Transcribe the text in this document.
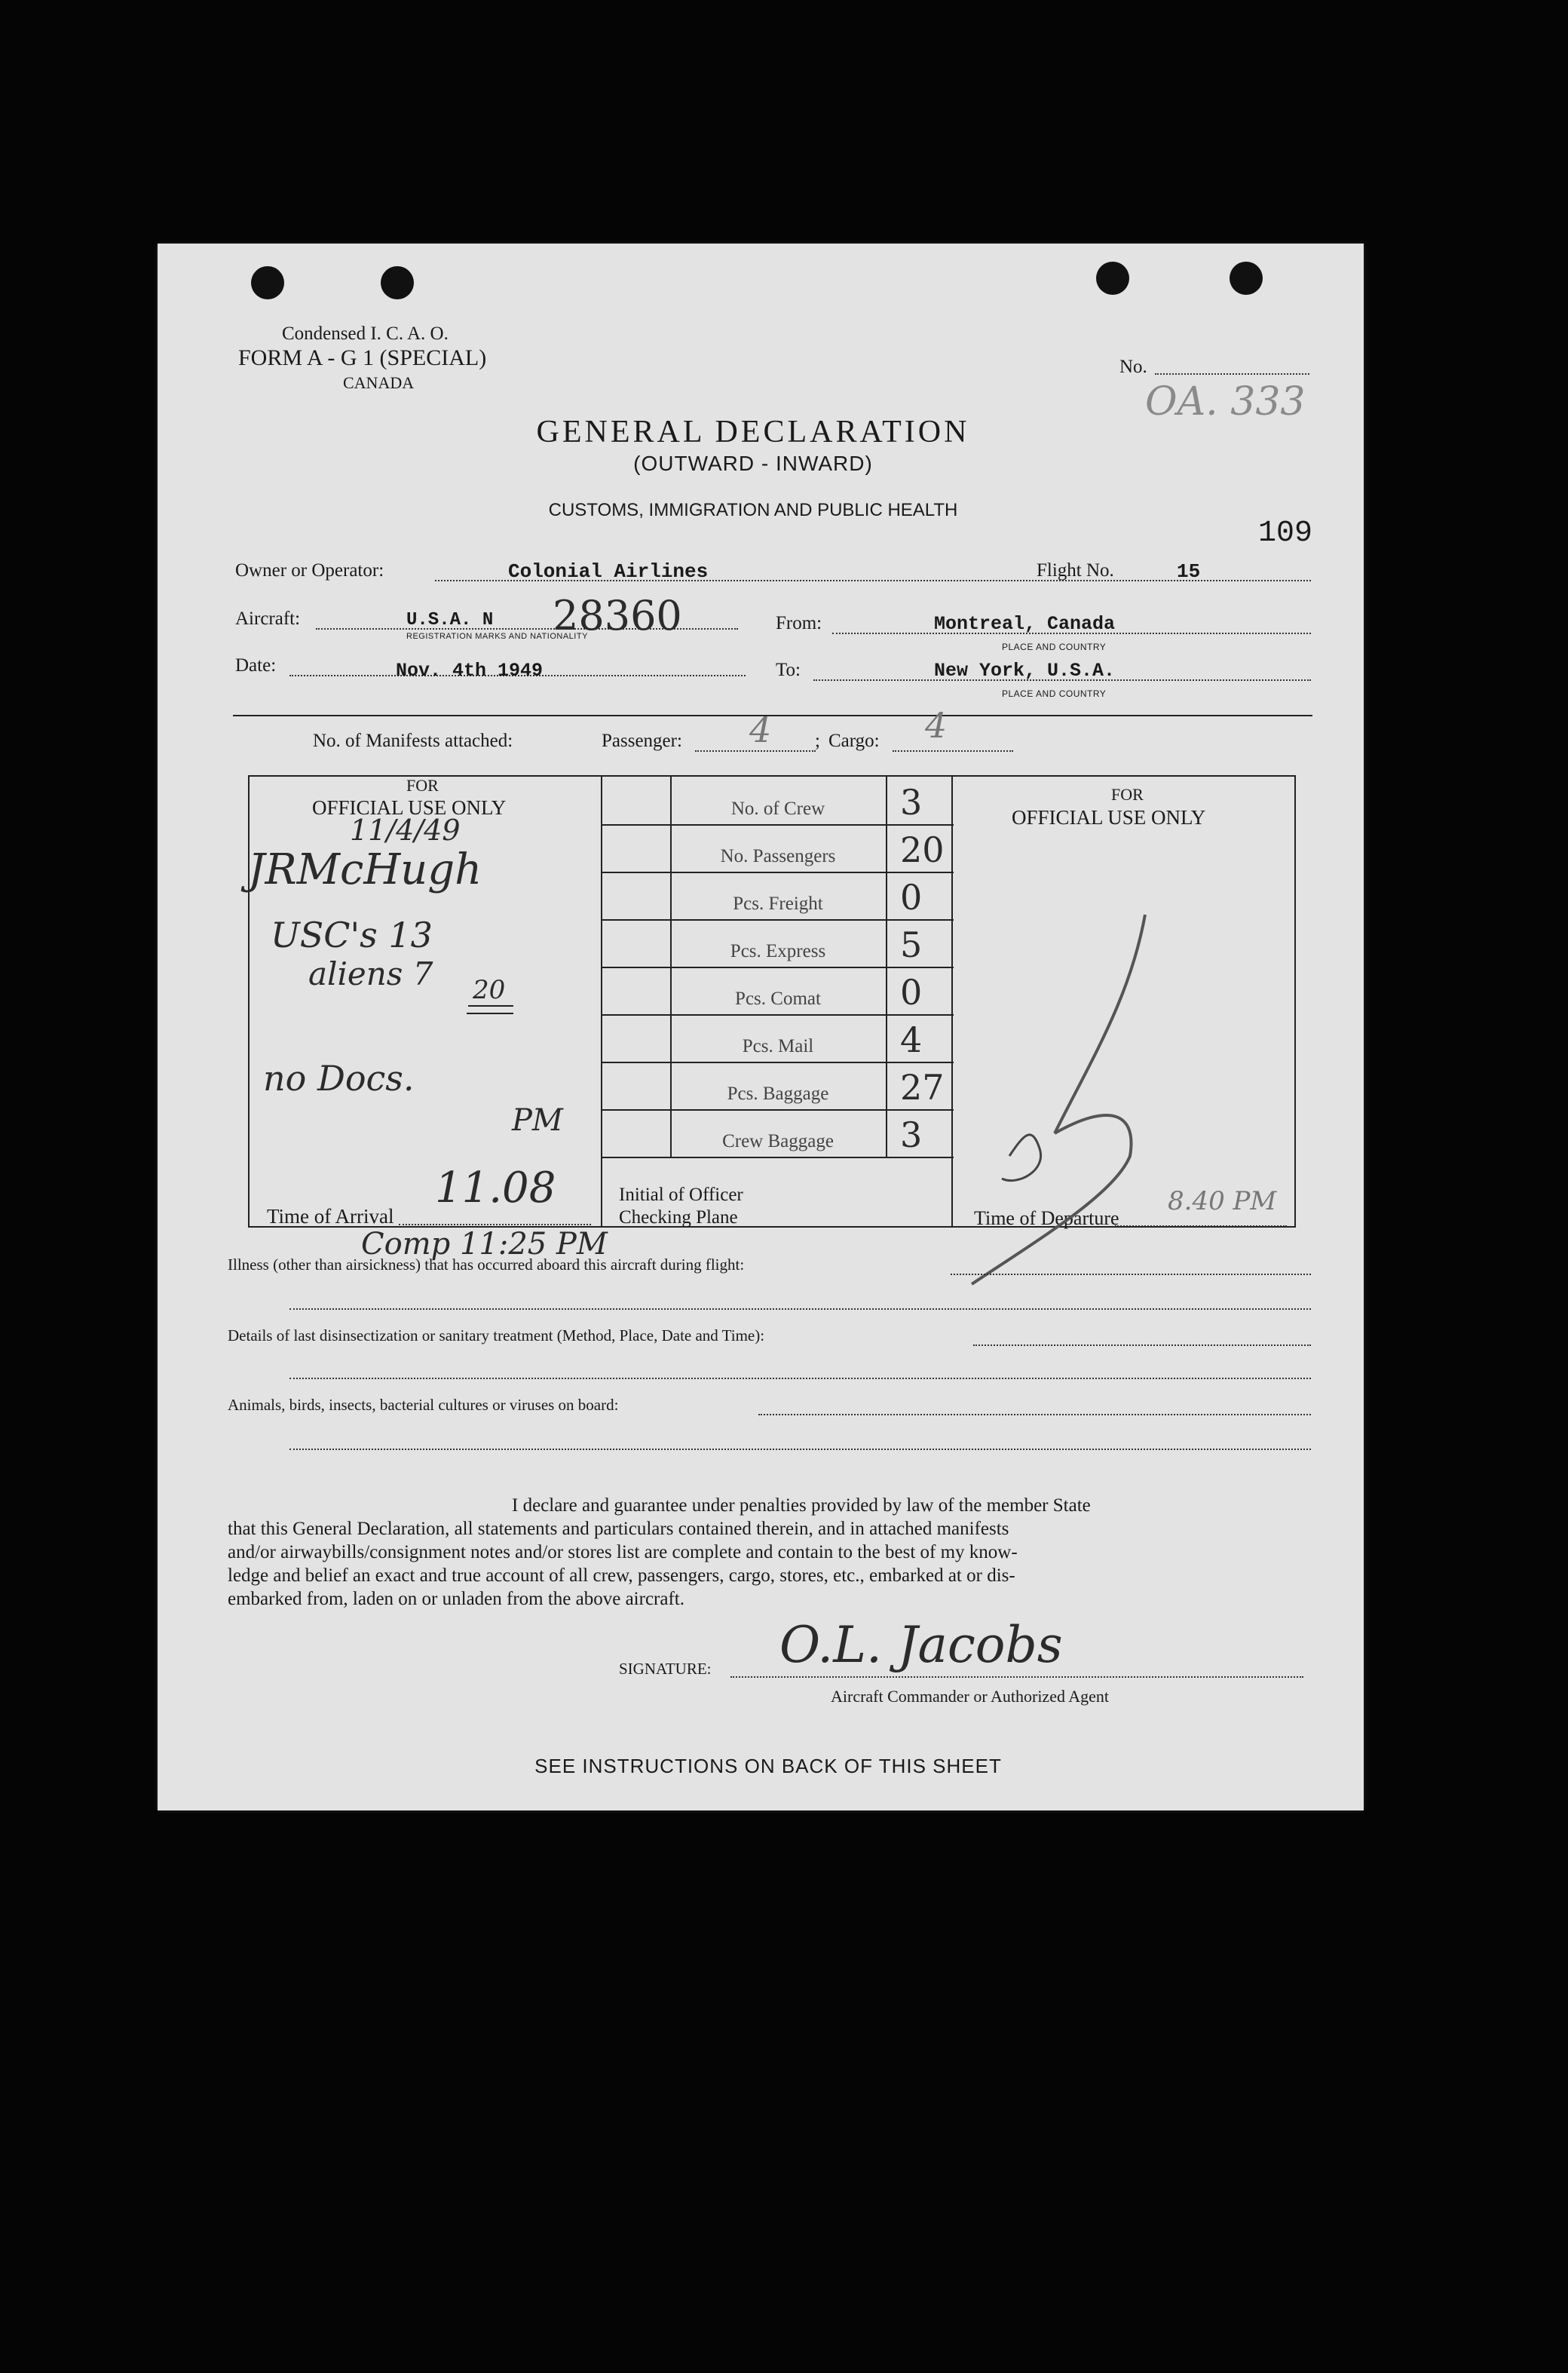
Condensed I. C. A. O.
FORM A - G 1 (SPECIAL)
CANADA
No.
OA. 333
109
GENERAL DECLARATION
(OUTWARD - INWARD)
CUSTOMS, IMMIGRATION AND PUBLIC HEALTH
Owner or Operator:	Colonial Airlines	Flight No.	15
Aircraft:	U.S.A. N 28360
REGISTRATION MARKS AND NATIONALITY
From:	Montreal, Canada
PLACE AND COUNTRY
Date:	Nov. 4th 1949	To:	New York, U.S.A.
PLACE AND COUNTRY
No. of Manifests attached:	Passenger: 4 ; Cargo: 4
FOR
OFFICIAL USE ONLY
11/4/49
JRMcHugh
USC's 13
aliens 7 20
no Docs.
PM
Time of Arrival
11.08
Comp 11:25 PM
No. of Crew	3
No. Passengers	20
Pcs. Freight	0
Pcs. Express	5
Pcs. Comat	0
Pcs. Mail	4
Pcs. Baggage	27
Crew Baggage	3
Initial of Officer
Checking Plane
FOR
OFFICIAL USE ONLY
Time of Departure
8.40 PM
Illness (other than airsickness) that has occurred aboard this aircraft during flight:
Details of last disinsectization or sanitary treatment (Method, Place, Date and Time):
Animals, birds, insects, bacterial cultures or viruses on board:
I declare and guarantee under penalties provided by law of the member State
that this General Declaration, all statements and particulars contained therein, and in attached manifests
and/or airwaybills/consignment notes and/or stores list are complete and contain to the best of my know-
ledge and belief an exact and true account of all crew, passengers, cargo, stores, etc., embarked at or dis-
embarked from, laden on or unladen from the above aircraft.
SIGNATURE: O.L. Jacobs
Aircraft Commander or Authorized Agent
SEE INSTRUCTIONS ON BACK OF THIS SHEET
